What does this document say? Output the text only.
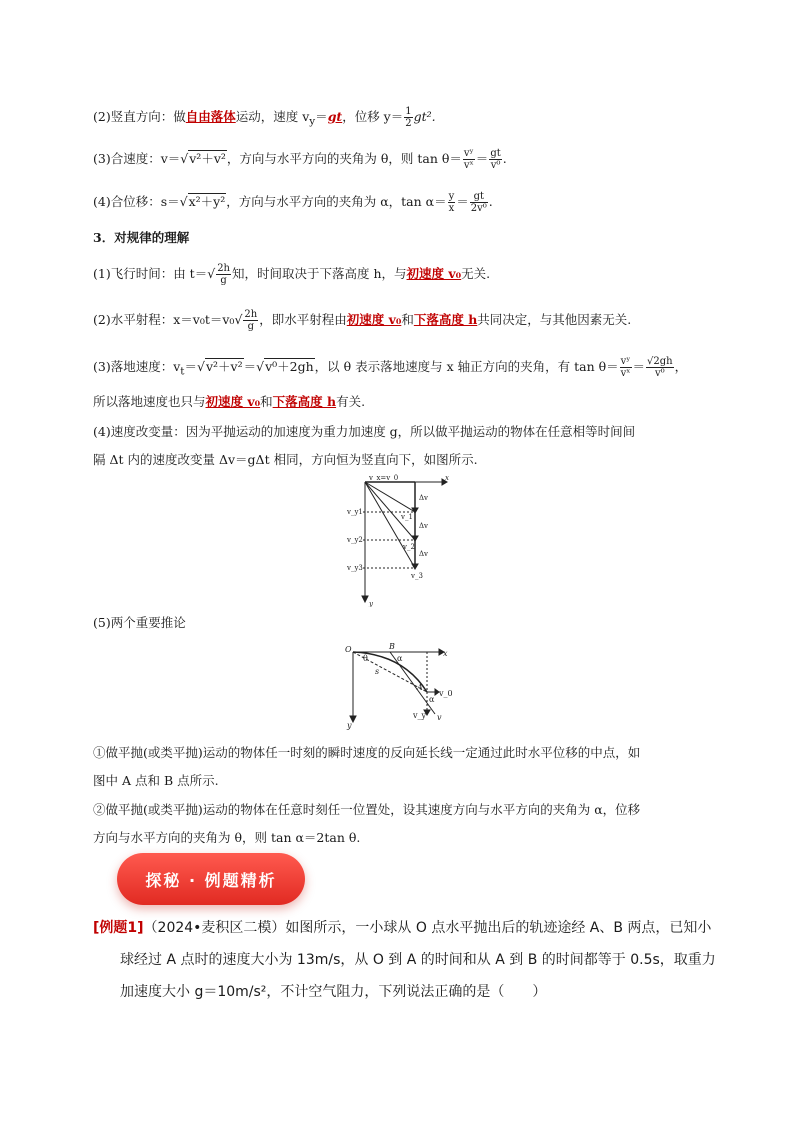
(2)竖直方向：做自由落体运动，速度 $v_y=gt$，位移 $y= \frac{1}{2} gt^2$.
(3)合速度：v＝√v²＋v²，方向与水平方向的夹角为 θ，则 $\tan \theta= \frac{\text{vʸ}}{\text{vˣ}} = \frac{gt}{\text{v⁰}}$ .
(4)合位移：s＝√x²＋y²，方向与水平方向的夹角为 α，$\tan \alpha= \frac{y}{x} = \frac{gt}{\text{2v⁰}}$ .
3．对规律的理解
(1)飞行时间：由 $t=√ \frac{2h}{g}$ 知，时间取决于下落高度 h，与初速度 v₀无关.
(2)水平射程：$x=v_0t=v_0√ \frac{2h}{g}$ ，即水平射程由初速度 v₀和下落高度 h共同决定，与其他因素无关.
(3)落地速度：$v_t=√v^2+v^2=√v^0+2gh$，以 θ 表示落地速度与 x 轴正方向的夹角，有 $\tan \theta= \frac{\text{vʸ}}{\text{vˣ}} = \frac{√2gh}{\text{v⁰}}$ ，
所以落地速度也只与初速度 v₀和下落高度 h有关.
(4)速度改变量：因为平抛运动的加速度为重力加速度 g，所以做平抛运动的物体在任意相等时间间
隔 Δt 内的速度改变量 Δv＝gΔt 相同，方向恒为竖直向下，如图所示.
v_x=v_0	x
y
Δv
Δv
Δv
v_y1
v_y2
v_y3
v_1
v_2
v_3
(5)两个重要推论
O	B
x
y
A
s
θ	α
α
v_0
v_y v
①做平抛(或类平抛)运动的物体任一时刻的瞬时速度的反向延长线一定通过此时水平位移的中点，如
图中 A 点和 B 点所示.
②做平抛(或类平抛)运动的物体在任意时刻任一位置处，设其速度方向与水平方向的夹角为 α，位移
方向与水平方向的夹角为 θ，则 tan α＝2tan θ.
探秘 · 例题精析
[例题1]（2024•麦积区二模）如图所示，一小球从 O 点水平抛出后的轨迹途经 A、B 两点，已知小
球经过 A 点时的速度大小为 13m/s，从 O 到 A 的时间和从 A 到 B 的时间都等于 0.5s，取重力
加速度大小 g＝10m/s²，不计空气阻力，下列说法正确的是（　　）
